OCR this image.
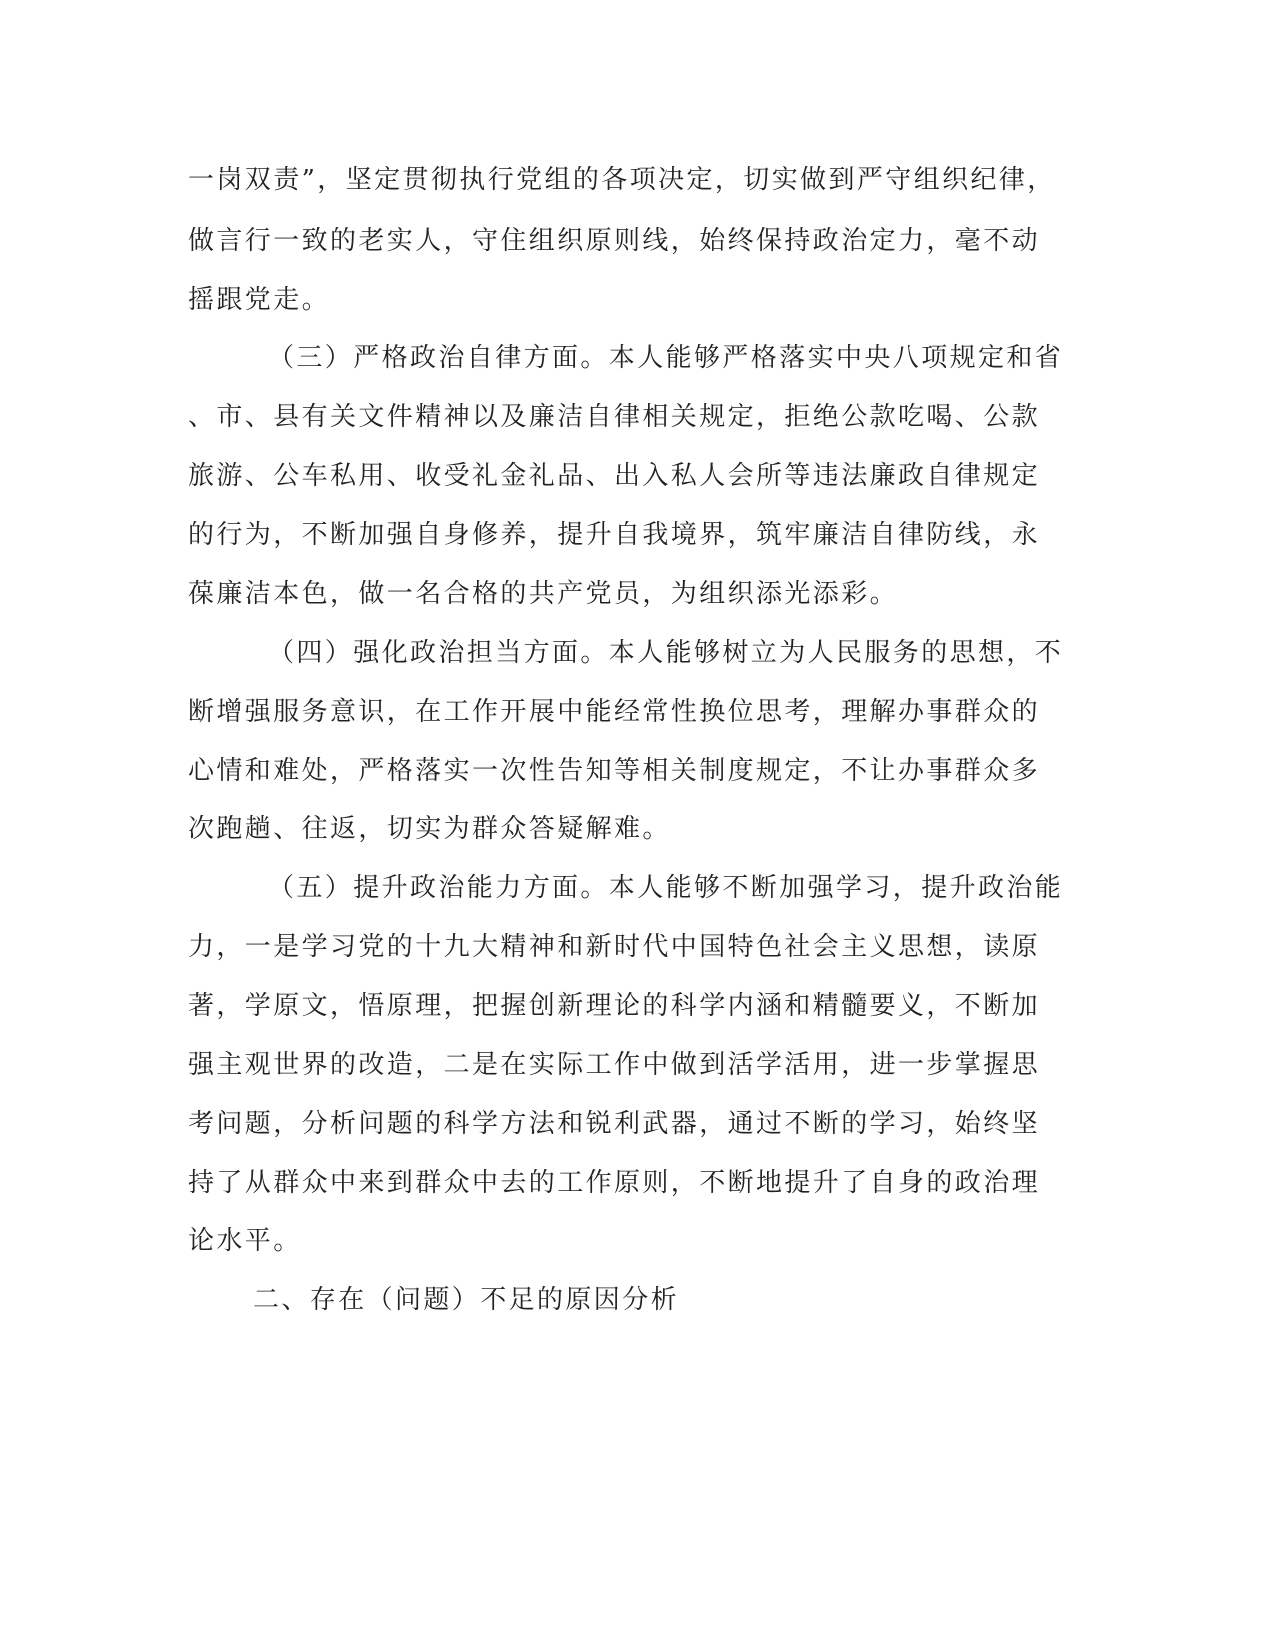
一岗双责”，坚定贯彻执行党组的各项决定，切实做到严守组织纪律，
做言行一致的老实人，守住组织原则线，始终保持政治定力，毫不动
摇跟党走。
（三）严格政治自律方面。本人能够严格落实中央八项规定和省
、市、县有关文件精神以及廉洁自律相关规定，拒绝公款吃喝、公款
旅游、公车私用、收受礼金礼品、出入私人会所等违法廉政自律规定
的行为，不断加强自身修养，提升自我境界，筑牢廉洁自律防线，永
葆廉洁本色，做一名合格的共产党员，为组织添光添彩。
（四）强化政治担当方面。本人能够树立为人民服务的思想，不
断增强服务意识，在工作开展中能经常性换位思考，理解办事群众的
心情和难处，严格落实一次性告知等相关制度规定，不让办事群众多
次跑趟、往返，切实为群众答疑解难。
（五）提升政治能力方面。本人能够不断加强学习，提升政治能
力，一是学习党的十九大精神和新时代中国特色社会主义思想，读原
著，学原文，悟原理，把握创新理论的科学内涵和精髓要义，不断加
强主观世界的改造，二是在实际工作中做到活学活用，进一步掌握思
考问题，分析问题的科学方法和锐利武器，通过不断的学习，始终坚
持了从群众中来到群众中去的工作原则，不断地提升了自身的政治理
论水平。
二、存在（问题）不足的原因分析
